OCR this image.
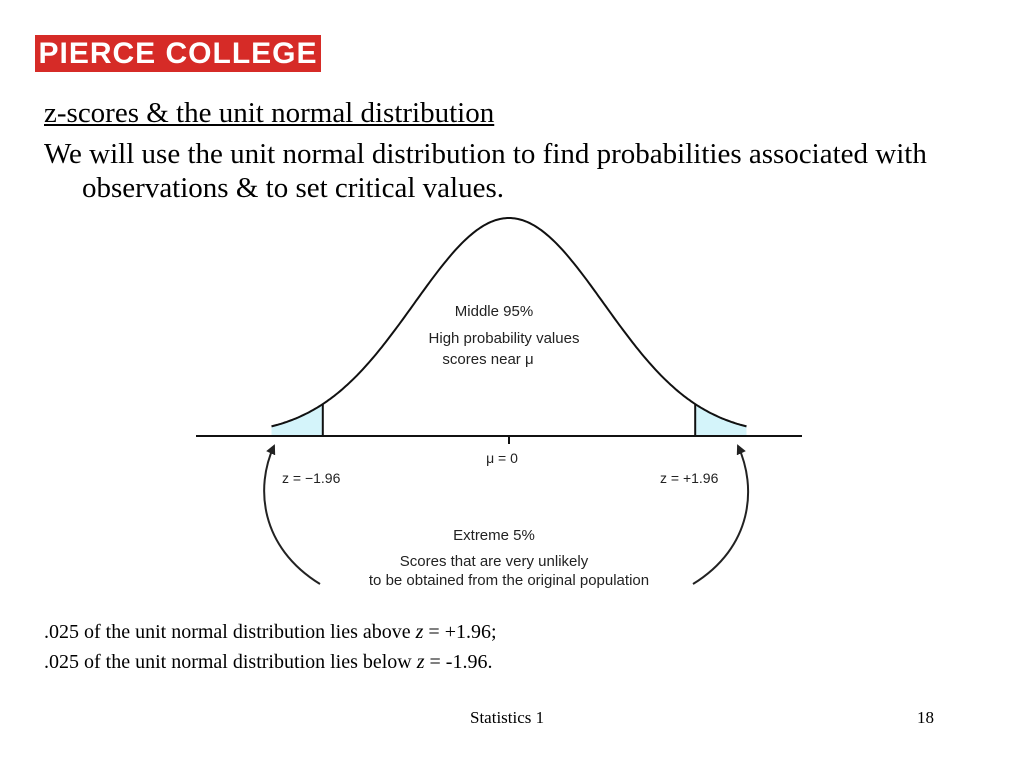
PIERCE COLLEGE
z-scores & the unit normal distribution
We will use the unit normal distribution to find probabilities associated with observations & to set critical values.
Middle 95%
High probability values
scores near μ
μ = 0
z = −1.96	z = +1.96
Extreme 5%
Scores that are very unlikely
to be obtained from the original population
.025 of the unit normal distribution lies above z = +1.96;
.025 of the unit normal distribution lies below z = -1.96.
Statistics 1	18
